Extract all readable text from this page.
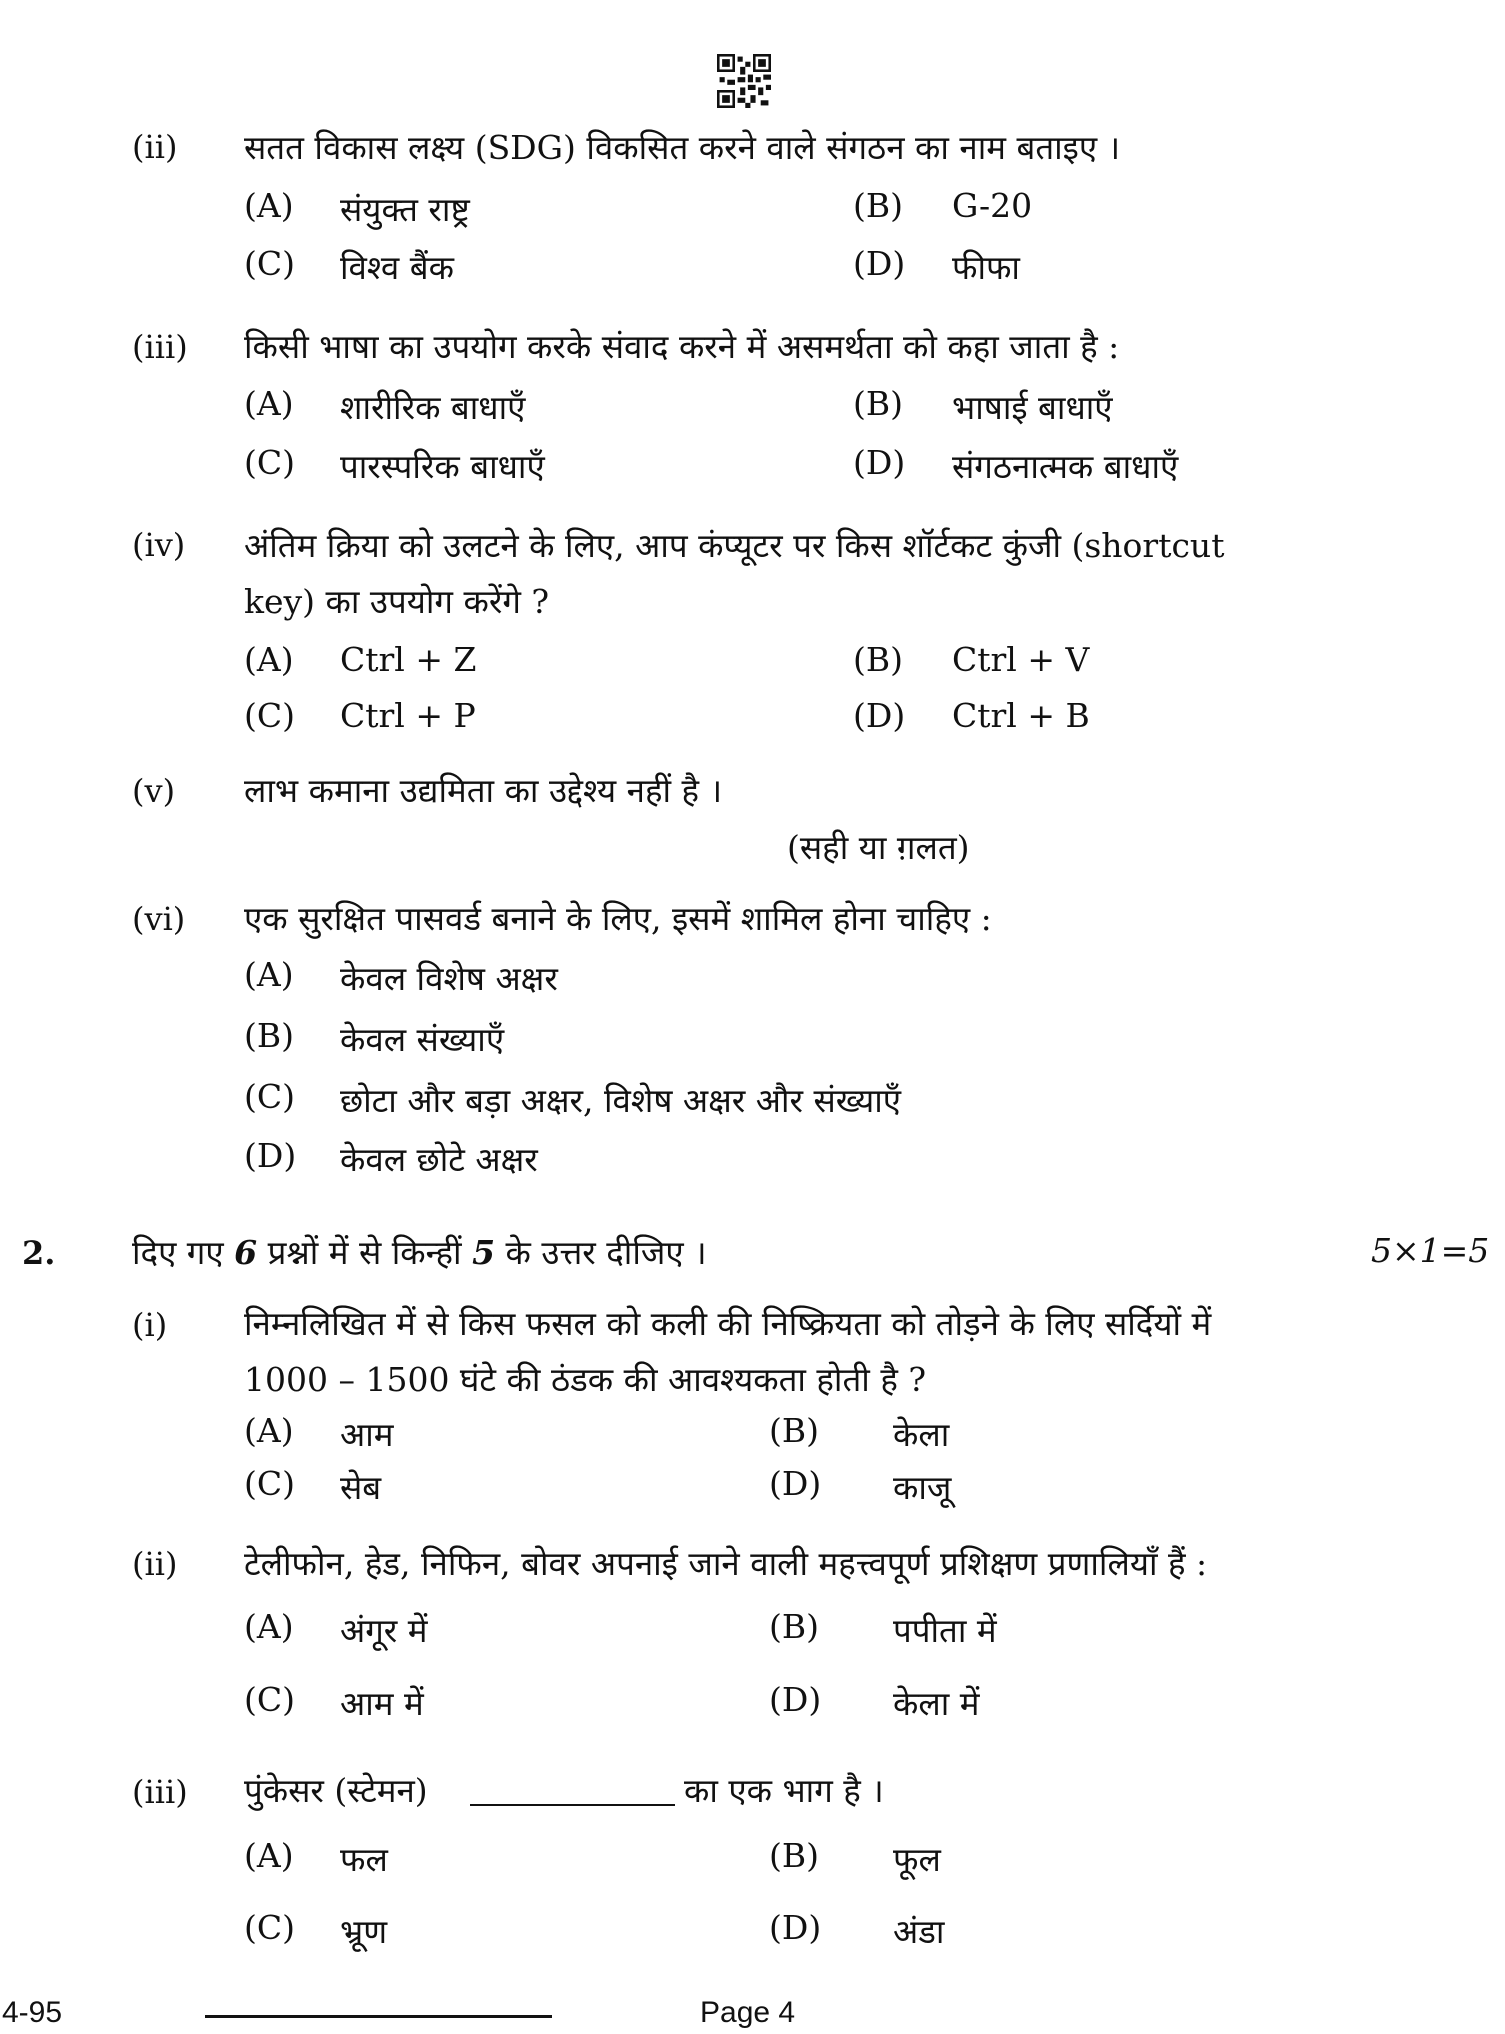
(ii) सतत विकास लक्ष्य (SDG) विकसित करने वाले संगठन का नाम बताइए ।
(A) संयुक्त राष्ट्र	(B) G-20
(C) विश्व बैंक	(D) फीफा
(iii) किसी भाषा का उपयोग करके संवाद करने में असमर्थता को कहा जाता है :
(A) शारीरिक बाधाएँ	(B) भाषाई बाधाएँ
(C) पारस्परिक बाधाएँ	(D) संगठनात्मक बाधाएँ
(iv) अंतिम क्रिया को उलटने के लिए, आप कंप्यूटर पर किस शॉर्टकट कुंजी (shortcut
key) का उपयोग करेंगे ?
(A) Ctrl + Z	(B) Ctrl + V
(C) Ctrl + P	(D) Ctrl + B
(v) लाभ कमाना उद्यमिता का उद्देश्य नहीं है ।
(सही या ग़लत)
(vi) एक सुरक्षित पासवर्ड बनाने के लिए, इसमें शामिल होना चाहिए :
(A) केवल विशेष अक्षर
(B) केवल संख्याएँ
(C) छोटा और बड़ा अक्षर, विशेष अक्षर और संख्याएँ
(D) केवल छोटे अक्षर
2. दिए गए 6 प्रश्नों में से किन्हीं 5 के उत्तर दीजिए ।	5×1=5
(i) निम्नलिखित में से किस फसल को कली की निष्क्रियता को तोड़ने के लिए सर्दियों में
1000 – 1500 घंटे की ठंडक की आवश्यकता होती है ?
(A) आम	(B) केला
(C) सेब	(D) काजू
(ii) टेलीफोन, हेड, निफिन, बोवर अपनाई जाने वाली महत्त्वपूर्ण प्रशिक्षण प्रणालियाँ हैं :
(A) अंगूर में	(B) पपीता में
(C) आम में	(D) केला में
(iii) पुंकेसर (स्टेमन)	का एक भाग है ।
(A) फल	(B) फूल
(C) भ्रूण	(D) अंडा
4-95	Page 4
